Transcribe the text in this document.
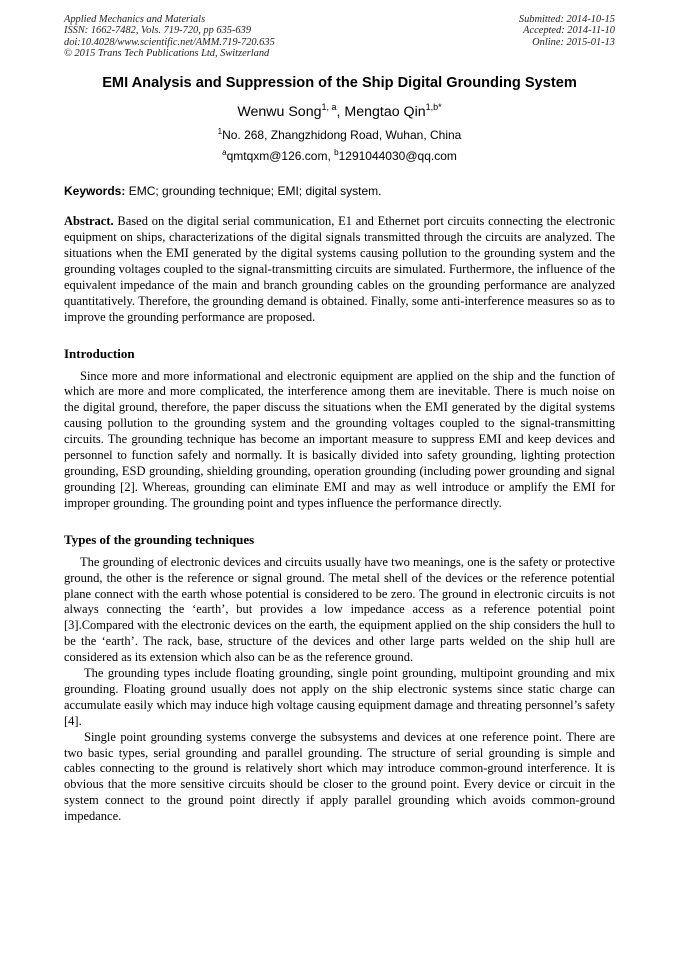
Applied Mechanics and Materials
ISSN: 1662-7482, Vols. 719-720, pp 635-639
doi:10.4028/www.scientific.net/AMM.719-720.635
© 2015 Trans Tech Publications Ltd, Switzerland
Submitted: 2014-10-15
Accepted: 2014-11-10
Online: 2015-01-13
EMI Analysis and Suppression of the Ship Digital Grounding System
Wenwu Song$^{1, a}$, Mengtao Qin$^{1,b*}$
$^1$No. 268, Zhangzhidong Road, Wuhan, China
$^a$qmtqxm@126.com, $^b$1291044030@qq.com
Keywords: EMC; grounding technique; EMI; digital system.
Abstract. Based on the digital serial communication, E1 and Ethernet port circuits connecting the electronic equipment on ships, characterizations of the digital signals transmitted through the circuits are analyzed. The situations when the EMI generated by the digital systems causing pollution to the grounding system and the grounding voltages coupled to the signal-transmitting circuits are simulated. Furthermore, the influence of the equivalent impedance of the main and branch grounding cables on the grounding performance are analyzed quantitatively. Therefore, the grounding demand is obtained. Finally, some anti-interference measures so as to improve the grounding performance are proposed.
Introduction
Since more and more informational and electronic equipment are applied on the ship and the function of which are more and more complicated, the interference among them are inevitable. There is much noise on the digital ground, therefore, the paper discuss the situations when the EMI generated by the digital systems causing pollution to the grounding system and the grounding voltages coupled to the signal-transmitting circuits. The grounding technique has become an important measure to suppress EMI and keep devices and personnel to function safely and normally. It is basically divided into safety grounding, lighting protection grounding, ESD grounding, shielding grounding, operation grounding (including power grounding and signal grounding [2]. Whereas, grounding can eliminate EMI and may as well introduce or amplify the EMI for improper grounding. The grounding point and types influence the performance directly.
Types of the grounding techniques
The grounding of electronic devices and circuits usually have two meanings, one is the safety or protective ground, the other is the reference or signal ground. The metal shell of the devices or the reference potential plane connect with the earth whose potential is considered to be zero. The ground in electronic circuits is not always connecting the ‘earth’, but provides a low impedance access as a reference potential point [3].Compared with the electronic devices on the earth, the equipment applied on the ship considers the hull to be the ‘earth’. The rack, base, structure of the devices and other large parts welded on the ship hull are considered as its extension which also can be as the reference ground.
The grounding types include floating grounding, single point grounding, multipoint grounding and mix grounding. Floating ground usually does not apply on the ship electronic systems since static charge can accumulate easily which may induce high voltage causing equipment damage and threating personnel’s safety [4].
Single point grounding systems converge the subsystems and devices at one reference point. There are two basic types, serial grounding and parallel grounding. The structure of serial grounding is simple and cables connecting to the ground is relatively short which may introduce common-ground interference. It is obvious that the more sensitive circuits should be closer to the ground point. Every device or circuit in the system connect to the ground point directly if apply parallel grounding which avoids common-ground impedance.
